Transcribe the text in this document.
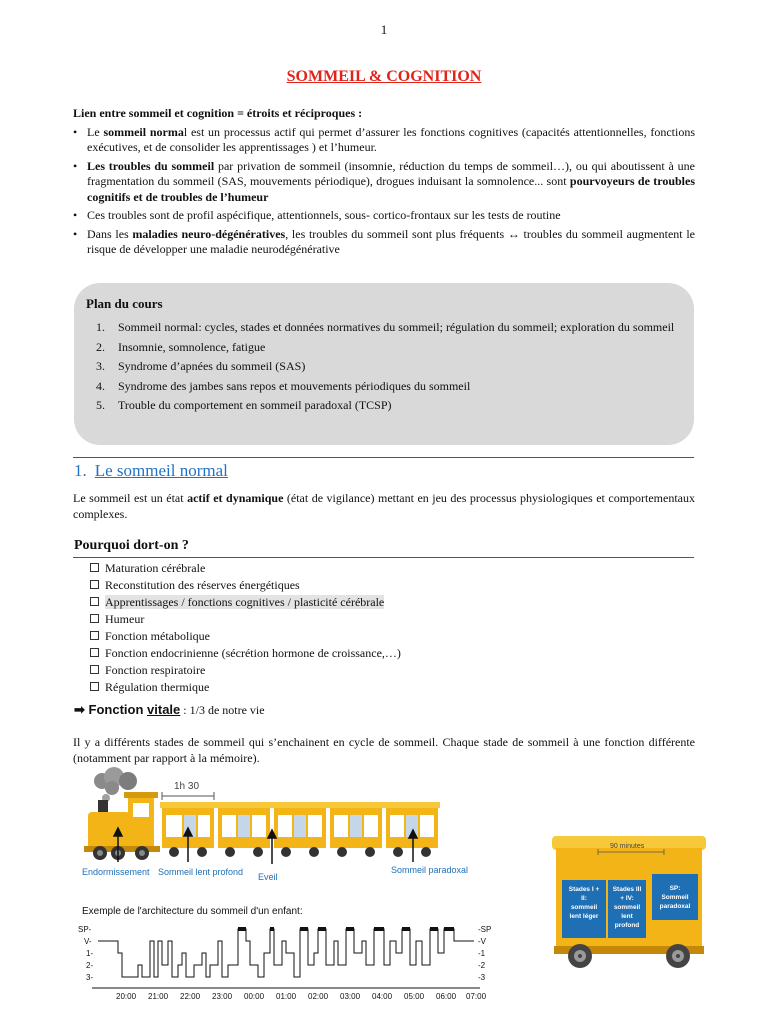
1
SOMMEIL & COGNITION
Lien entre sommeil et cognition = étroits et réciproques :
• Le sommeil normal est un processus actif qui permet d’assurer les fonctions cognitives (capacités attentionnelles, fonctions exécutives, et de consolider les apprentissages ) et l’humeur.
• Les troubles du sommeil par privation de sommeil (insomnie, réduction du temps de sommeil…), ou qui aboutissent à une fragmentation du sommeil (SAS, mouvements périodique), drogues induisant la somnolence... sont pourvoyeurs de troubles cognitifs et de troubles de l’humeur
• Ces troubles sont de profil aspécifique, attentionnels, sous- cortico-frontaux sur les tests de routine
• Dans les maladies neuro-dégénératives, les troubles du sommeil sont plus fréquents ↔ troubles du sommeil augmentent le risque de développer une maladie neurodégénérative
Plan du cours
1. Sommeil normal: cycles, stades et données normatives du sommeil; régulation du sommeil; exploration du sommeil
2. Insomnie, somnolence, fatigue
3. Syndrome d’apnées du sommeil (SAS)
4. Syndrome des jambes sans repos et mouvements périodiques du sommeil
5. Trouble du comportement en sommeil paradoxal (TCSP)
1. Le sommeil normal
Le sommeil est un état actif et dynamique (état de vigilance) mettant en jeu des processus physiologiques et comportementaux complexes.
Pourquoi dort-on ?
Maturation cérébrale
Reconstitution des réserves énergétiques
Apprentissages / fonctions cognitives / plasticité cérébrale
Humeur
Fonction métabolique
Fonction endocrinienne (sécrétion hormone de croissance,…)
Fonction respiratoire
Régulation thermique
➡ Fonction vitale : 1/3 de notre vie
Il y a différents stades de sommeil qui s’enchainent en cycle de sommeil. Chaque stade de sommeil à une fonction différente (notamment par rapport à la mémoire).
1h 30
Endormissement Sommeil lent profond Eveil
Sommeil paradoxal
Exemple de l'architecture du sommeil d'un enfant:
SP-
V-
1-
2-
3-
-SP
-V
-1
-2
-3
20:00 21:00 22:00 23:00 00:00 01:00 02:00 03:00 04:00 05:00 06:00 07:00
90 minutes
Stades I + II: sommeil lent léger
Stades III + IV: sommeil lent profond
SP: Sommeil paradoxal
